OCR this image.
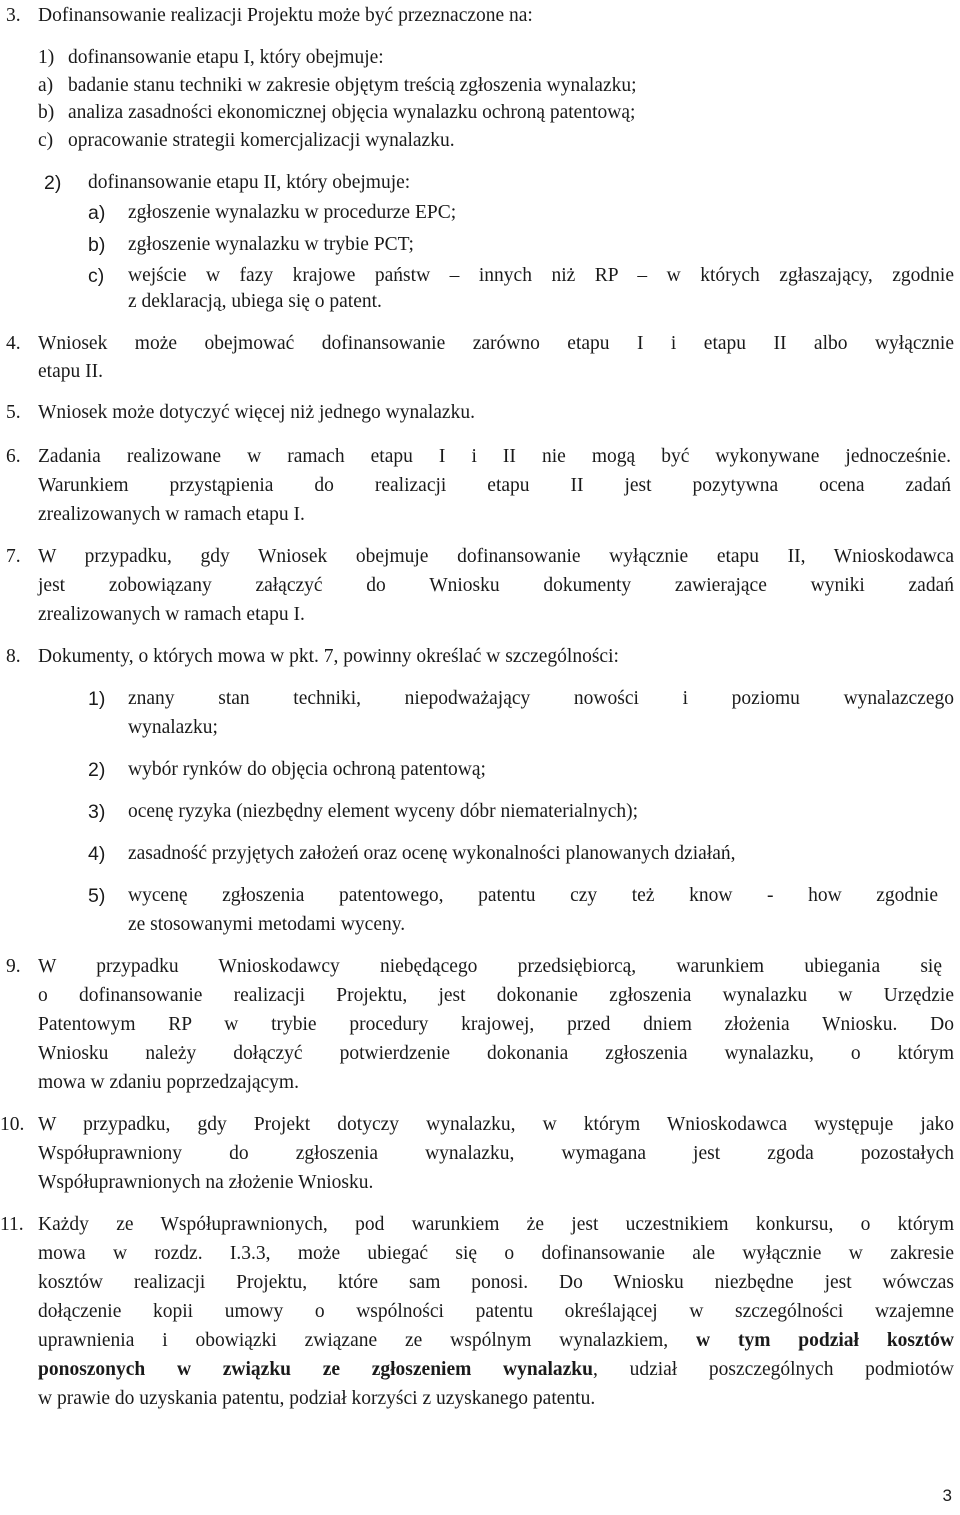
3. Dofinansowanie realizacji Projektu może być przeznaczone na:
1) dofinansowanie etapu I, który obejmuje:
a) badanie stanu techniki w zakresie objętym treścią zgłoszenia wynalazku;
b) analiza zasadności ekonomicznej objęcia wynalazku ochroną patentową;
c) opracowanie strategii komercjalizacji wynalazku.
2) dofinansowanie etapu II, który obejmuje:
a) zgłoszenie wynalazku w procedurze EPC;
b) zgłoszenie wynalazku w trybie PCT;
c) wejście w fazy krajowe państw – innych niż RP – w których zgłaszający, zgodnie
z deklaracją, ubiega się o patent.
4. Wniosek może obejmować dofinansowanie zarówno etapu I i etapu II albo wyłącznie
etapu II.
5. Wniosek może dotyczyć więcej niż jednego wynalazku.
6. Zadania realizowane w ramach etapu I i II nie mogą być wykonywane jednocześnie.
Warunkiem przystąpienia do realizacji etapu II jest pozytywna ocena zadań
zrealizowanych w ramach etapu I.
7. W przypadku, gdy Wniosek obejmuje dofinansowanie wyłącznie etapu II, Wnioskodawca
jest zobowiązany załączyć do Wniosku dokumenty zawierające wyniki zadań
zrealizowanych w ramach etapu I.
8. Dokumenty, o których mowa w pkt. 7, powinny określać w szczególności:
1) znany stan techniki, niepodważający nowości i poziomu wynalazczego
wynalazku;
2) wybór rynków do objęcia ochroną patentową;
3) ocenę ryzyka (niezbędny element wyceny dóbr niematerialnych);
4) zasadność przyjętych założeń oraz ocenę wykonalności planowanych działań,
5) wycenę zgłoszenia patentowego, patentu czy też know - how zgodnie
ze stosowanymi metodami wyceny.
9. W przypadku Wnioskodawcy niebędącego przedsiębiorcą, warunkiem ubiegania się
o dofinansowanie realizacji Projektu, jest dokonanie zgłoszenia wynalazku w Urzędzie
Patentowym RP w trybie procedury krajowej, przed dniem złożenia Wniosku. Do
Wniosku należy dołączyć potwierdzenie dokonania zgłoszenia wynalazku, o którym
mowa w zdaniu poprzedzającym.
10. W przypadku, gdy Projekt dotyczy wynalazku, w którym Wnioskodawca występuje jako
Współuprawniony do zgłoszenia wynalazku, wymagana jest zgoda pozostałych
Współuprawnionych na złożenie Wniosku.
11. Każdy ze Współuprawnionych, pod warunkiem że jest uczestnikiem konkursu, o którym
mowa w rozdz. I.3.3, może ubiegać się o dofinansowanie ale wyłącznie w zakresie
kosztów realizacji Projektu, które sam ponosi. Do Wniosku niezbędne jest wówczas
dołączenie kopii umowy o wspólności patentu określającej w szczególności wzajemne
uprawnienia i obowiązki związane ze wspólnym wynalazkiem, w tym podział kosztów
ponoszonych w związku ze zgłoszeniem wynalazku, udział poszczególnych podmiotów
w prawie do uzyskania patentu, podział korzyści z uzyskanego patentu.
3
